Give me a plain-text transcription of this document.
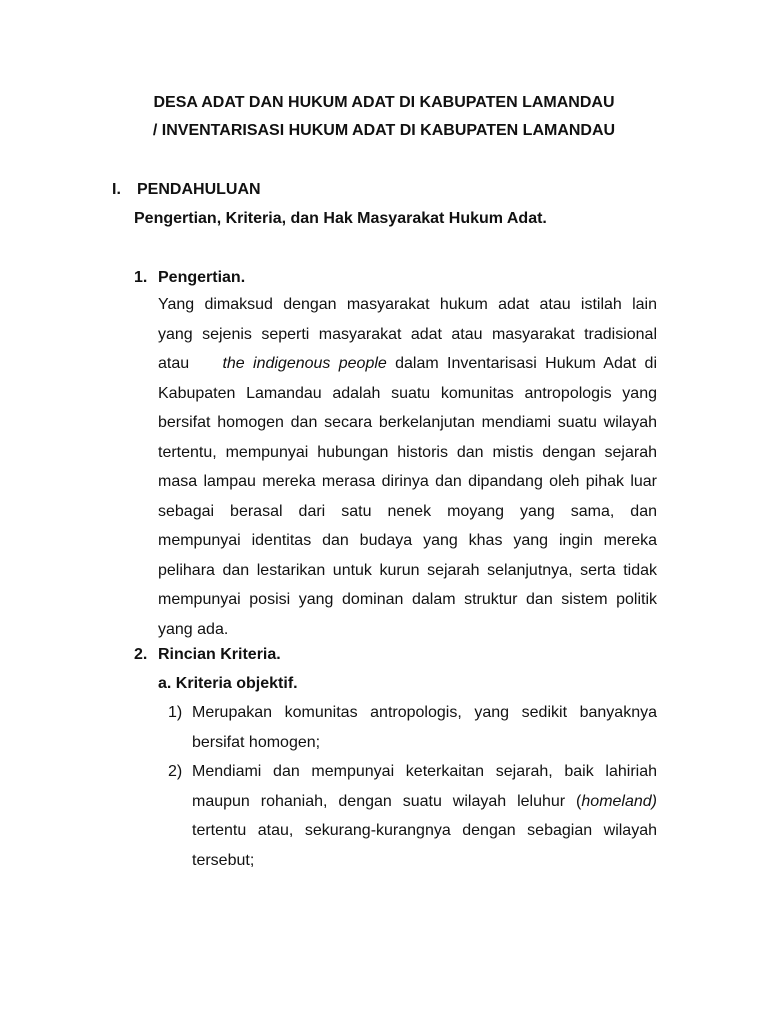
DESA ADAT DAN HUKUM ADAT DI KABUPATEN LAMANDAU
/ INVENTARISASI HUKUM ADAT DI KABUPATEN LAMANDAU
I. PENDAHULUAN
Pengertian, Kriteria, dan Hak Masyarakat Hukum Adat.
1. Pengertian.
Yang dimaksud dengan masyarakat hukum adat atau istilah lain
yang sejenis seperti masyarakat adat atau masyarakat tradisional
atau the indigenous people dalam Inventarisasi Hukum Adat di
Kabupaten Lamandau adalah suatu komunitas antropologis yang
bersifat homogen dan secara berkelanjutan mendiami suatu wilayah
tertentu, mempunyai hubungan historis dan mistis dengan sejarah
masa lampau mereka merasa dirinya dan dipandang oleh pihak luar
sebagai berasal dari satu nenek moyang yang sama, dan
mempunyai identitas dan budaya yang khas yang ingin mereka
pelihara dan lestarikan untuk kurun sejarah selanjutnya, serta tidak
mempunyai posisi yang dominan dalam struktur dan sistem politik
yang ada.
2. Rincian Kriteria.
a. Kriteria objektif.
1) Merupakan komunitas antropologis, yang sedikit banyaknya
bersifat homogen;
2) Mendiami dan mempunyai keterkaitan sejarah, baik lahiriah
maupun rohaniah, dengan suatu wilayah leluhur (homeland)
tertentu atau, sekurang-kurangnya dengan sebagian wilayah
tersebut;
